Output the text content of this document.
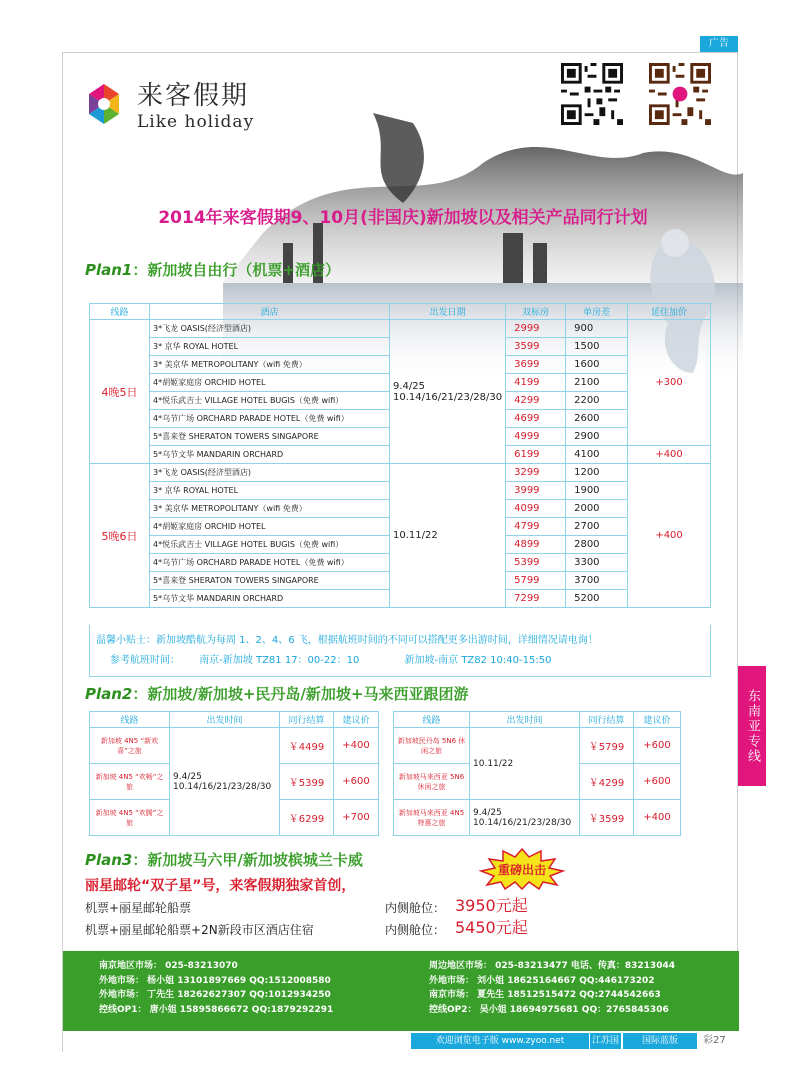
广告
东南亚专线
来客假期
Like holiday
2014年来客假期9、10月(非国庆)新加坡以及相关产品同行计划
Plan1：新加坡自由行（机票+酒店）
线路	酒店	出发日期	双标房	单房差	延住加价
4晚5日	3*飞龙 OASIS(经济型酒店)	9.4/25 10.14/16/21/23/28/30	2999	900	+300
	3* 京华 ROYAL HOTEL		3599	1500	
	3* 美京华 METROPOLITANY（wifi 免费）		3699	1600	
	4*胡姬家庭房 ORCHID HOTEL		4199	2100	
	4*悦乐武吉士 VILLAGE HOTEL BUGIS（免费 wifi）		4299	2200	
	4*乌节广场 ORCHARD PARADE HOTEL（免费 wifi）		4699	2600	
	5*喜来登 SHERATON TOWERS SINGAPORE		4999	2900	
	5*乌节文华 MANDARIN ORCHARD		6199	4100	+400
5晚6日	3*飞龙 OASIS(经济型酒店)	10.11/22	3299	1200	+400
	3* 京华 ROYAL HOTEL		3999	1900	
	3* 美京华 METROPOLITANY（wifi 免费）		4099	2000	
	4*胡姬家庭房 ORCHID HOTEL		4799	2700	
	4*悦乐武吉士 VILLAGE HOTEL BUGIS（免费 wifi）		4899	2800	
	4*乌节广场 ORCHARD PARADE HOTEL（免费 wifi）		5399	3300	
	5*喜来登 SHERATON TOWERS SINGAPORE		5799	3700	
	5*乌节文华 MANDARIN ORCHARD		7299	5200	
温馨小贴士：新加坡酷航为每周 1、2、4、6 飞，根据航班时间的不同可以搭配更多出游时间，详细情况请电询！
参考航班时间： 南京-新加坡 TZ81 17：00-22：10	新加坡-南京 TZ82 10:40-15:50
Plan2：新加坡/新加坡+民丹岛/新加坡+马来西亚跟团游
线路	出发时间	同行结算	建议价
新加坡 4N5 “新欢喜”之旅	9.4/25 10.14/16/21/23/28/30	￥4499	+400
新加坡 4N5 “欢畅”之旅		￥5399	+600
新加坡 4N5 “欢腾”之旅		￥6299	+700
线路	出发时间	同行结算	建议价
新加坡民丹岛 5N6 休闲之旅	10.11/22	￥5799	+600
新加坡马来西亚 5N6 休闲之旅		￥4299	+600
新加坡马来西亚 4N5 特惠之旅	9.4/25 10.14/16/21/23/28/30	￥3599	+400
Plan3：新加坡马六甲/新加坡槟城兰卡威
重磅出击
丽星邮轮“双子星”号，来客假期独家首创，
机票+丽星邮轮船票	内侧舱位： 3950元起
机票+丽星邮轮船票+2N新段市区酒店住宿	内侧舱位： 5450元起
南京地区市场： 025-83213070
外地市场： 杨小姐 13101897669 QQ:1512008580
外地市场： 丁先生 18262627307 QQ:1012934250
控线OP1： 唐小姐 15895866672 QQ:1879292291
周边地区市场： 025-83213477 电话、传真：83213044
外地市场： 刘小姐 18625164667 QQ:446173202
南京市场： 夏先生 18512515472 QQ:2744542663
控线OP2： 吴小姐 18694975681 QQ：2765845306
欢迎浏览电子版 www.zyoo.net	江苏国际版
国际蓝版	彩27
